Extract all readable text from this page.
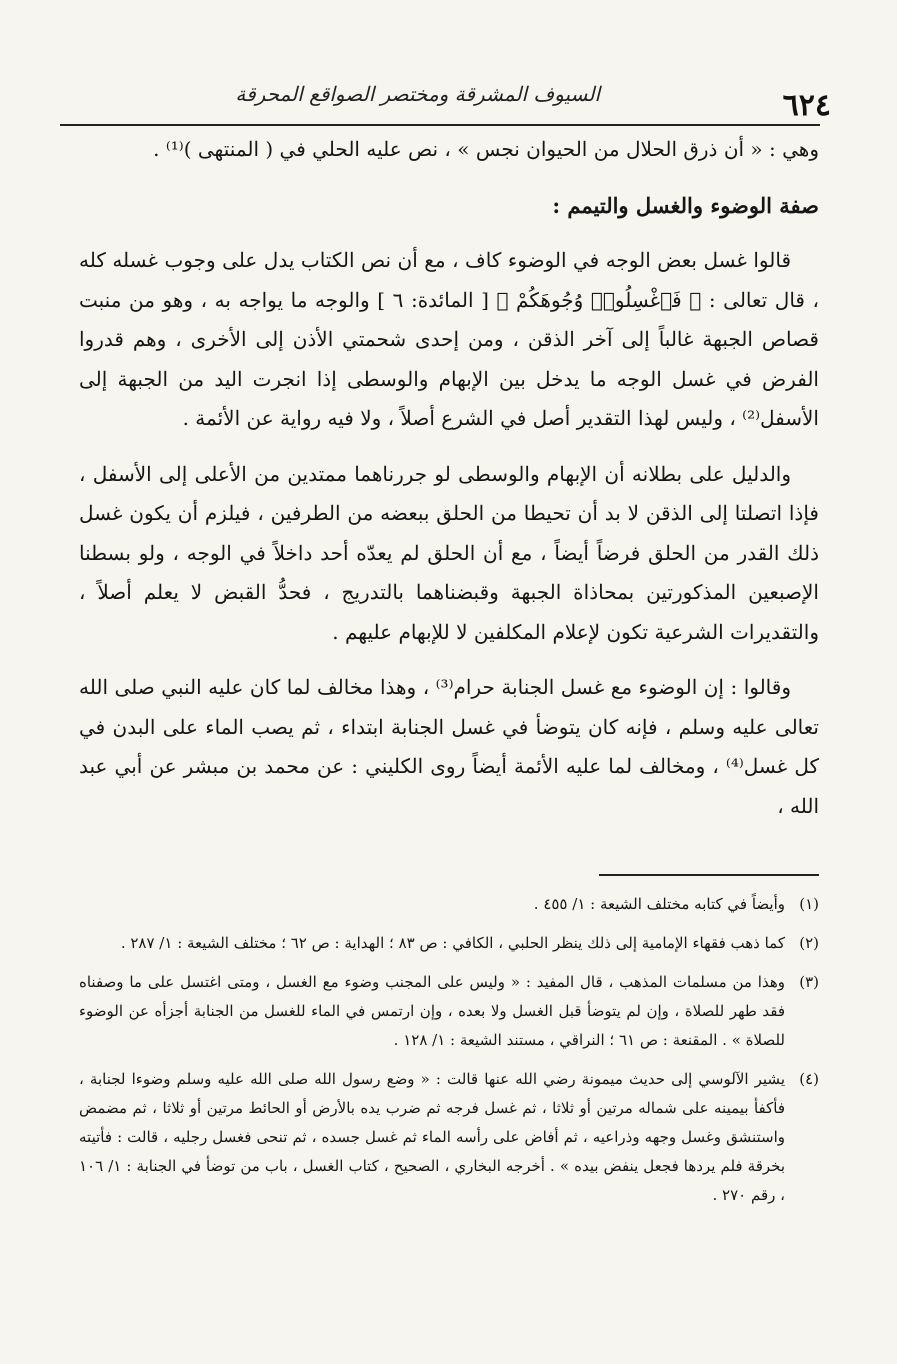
السيوف المشرقة ومختصر الصواقع المحرقة	٦٢٤

وهي : « أن ذرق الحلال من الحيوان نجس » ، نص عليه الحلي في ( المنتهى )⁽¹⁾ .

صفة الوضوء والغسل والتيمم :

قالوا غسل بعض الوجه في الوضوء كاف ، مع أن نص الكتاب يدل على وجوب غسله كله ، قال تعالى : ﴿ فَٱغْسِلُوا۟ وُجُوهَكُمْ ﴾ [ المائدة: ٦ ] والوجه ما يواجه به ، وهو من منبت قصاص الجبهة غالباً إلى آخر الذقن ، ومن إحدى شحمتي الأذن إلى الأخرى ، وهم قدروا الفرض في غسل الوجه ما يدخل بين الإبهام والوسطى إذا انجرت اليد من الجبهة إلى الأسفل⁽²⁾ ، وليس لهذا التقدير أصل في الشرع أصلاً ، ولا فيه رواية عن الأئمة .

والدليل على بطلانه أن الإبهام والوسطى لو جررناهما ممتدين من الأعلى إلى الأسفل ، فإذا اتصلتا إلى الذقن لا بد أن تحيطا من الحلق ببعضه من الطرفين ، فيلزم أن يكون غسل ذلك القدر من الحلق فرضاً أيضاً ، مع أن الحلق لم يعدّه أحد داخلاً في الوجه ، ولو بسطنا الإصبعين المذكورتين بمحاذاة الجبهة وقبضناهما بالتدريج ، فحدُّ القبض لا يعلم أصلاً ، والتقديرات الشرعية تكون لإعلام المكلفين لا للإبهام عليهم .

وقالوا : إن الوضوء مع غسل الجنابة حرام⁽³⁾ ، وهذا مخالف لما كان عليه النبي صلى الله تعالى عليه وسلم ، فإنه كان يتوضأ في غسل الجنابة ابتداء ، ثم يصب الماء على البدن في كل غسل⁽⁴⁾ ، ومخالف لما عليه الأئمة أيضاً روى الكليني : عن محمد بن مبشر عن أبي عبد الله ،

(١)
وأيضاً في كتابه مختلف الشيعة : ١/ ٤٥٥ .
(٢)
كما ذهب فقهاء الإمامية إلى ذلك ينظر الحلبي ، الكافي : ص ٨٣ ؛ الهداية : ص ٦٢ ؛ مختلف الشيعة : ١/ ٢٨٧ .
(٣)
وهذا من مسلمات المذهب ، قال المفيد : « وليس على المجنب وضوء مع الغسل ، ومتى اغتسل على ما وصفناه فقد طهر للصلاة ، وإن لم يتوضأ قبل الغسل ولا بعده ، وإن ارتمس في الماء للغسل من الجنابة أجزأه عن الوضوء للصلاة » . المقنعة : ص ٦١ ؛ النراقي ، مستند الشيعة : ١/ ١٢٨ .
(٤)
يشير الآلوسي إلى حديث ميمونة رضي الله عنها قالت : « وضع رسول الله صلى الله عليه وسلم وضوءا لجنابة ، فأكفأ بيمينه على شماله مرتين أو ثلاثا ، ثم غسل فرجه ثم ضرب يده بالأرض أو الحائط مرتين أو ثلاثا ، ثم مضمض واستنشق وغسل وجهه وذراعيه ، ثم أفاض على رأسه الماء ثم غسل جسده ، ثم تنحى فغسل رجليه ، قالت : فأتيته بخرقة فلم يردها فجعل ينفض بيده » . أخرجه البخاري ، الصحيح ، كتاب الغسل ، باب من توضأ في الجنابة : ١/ ١٠٦ ، رقم ٢٧٠ .
